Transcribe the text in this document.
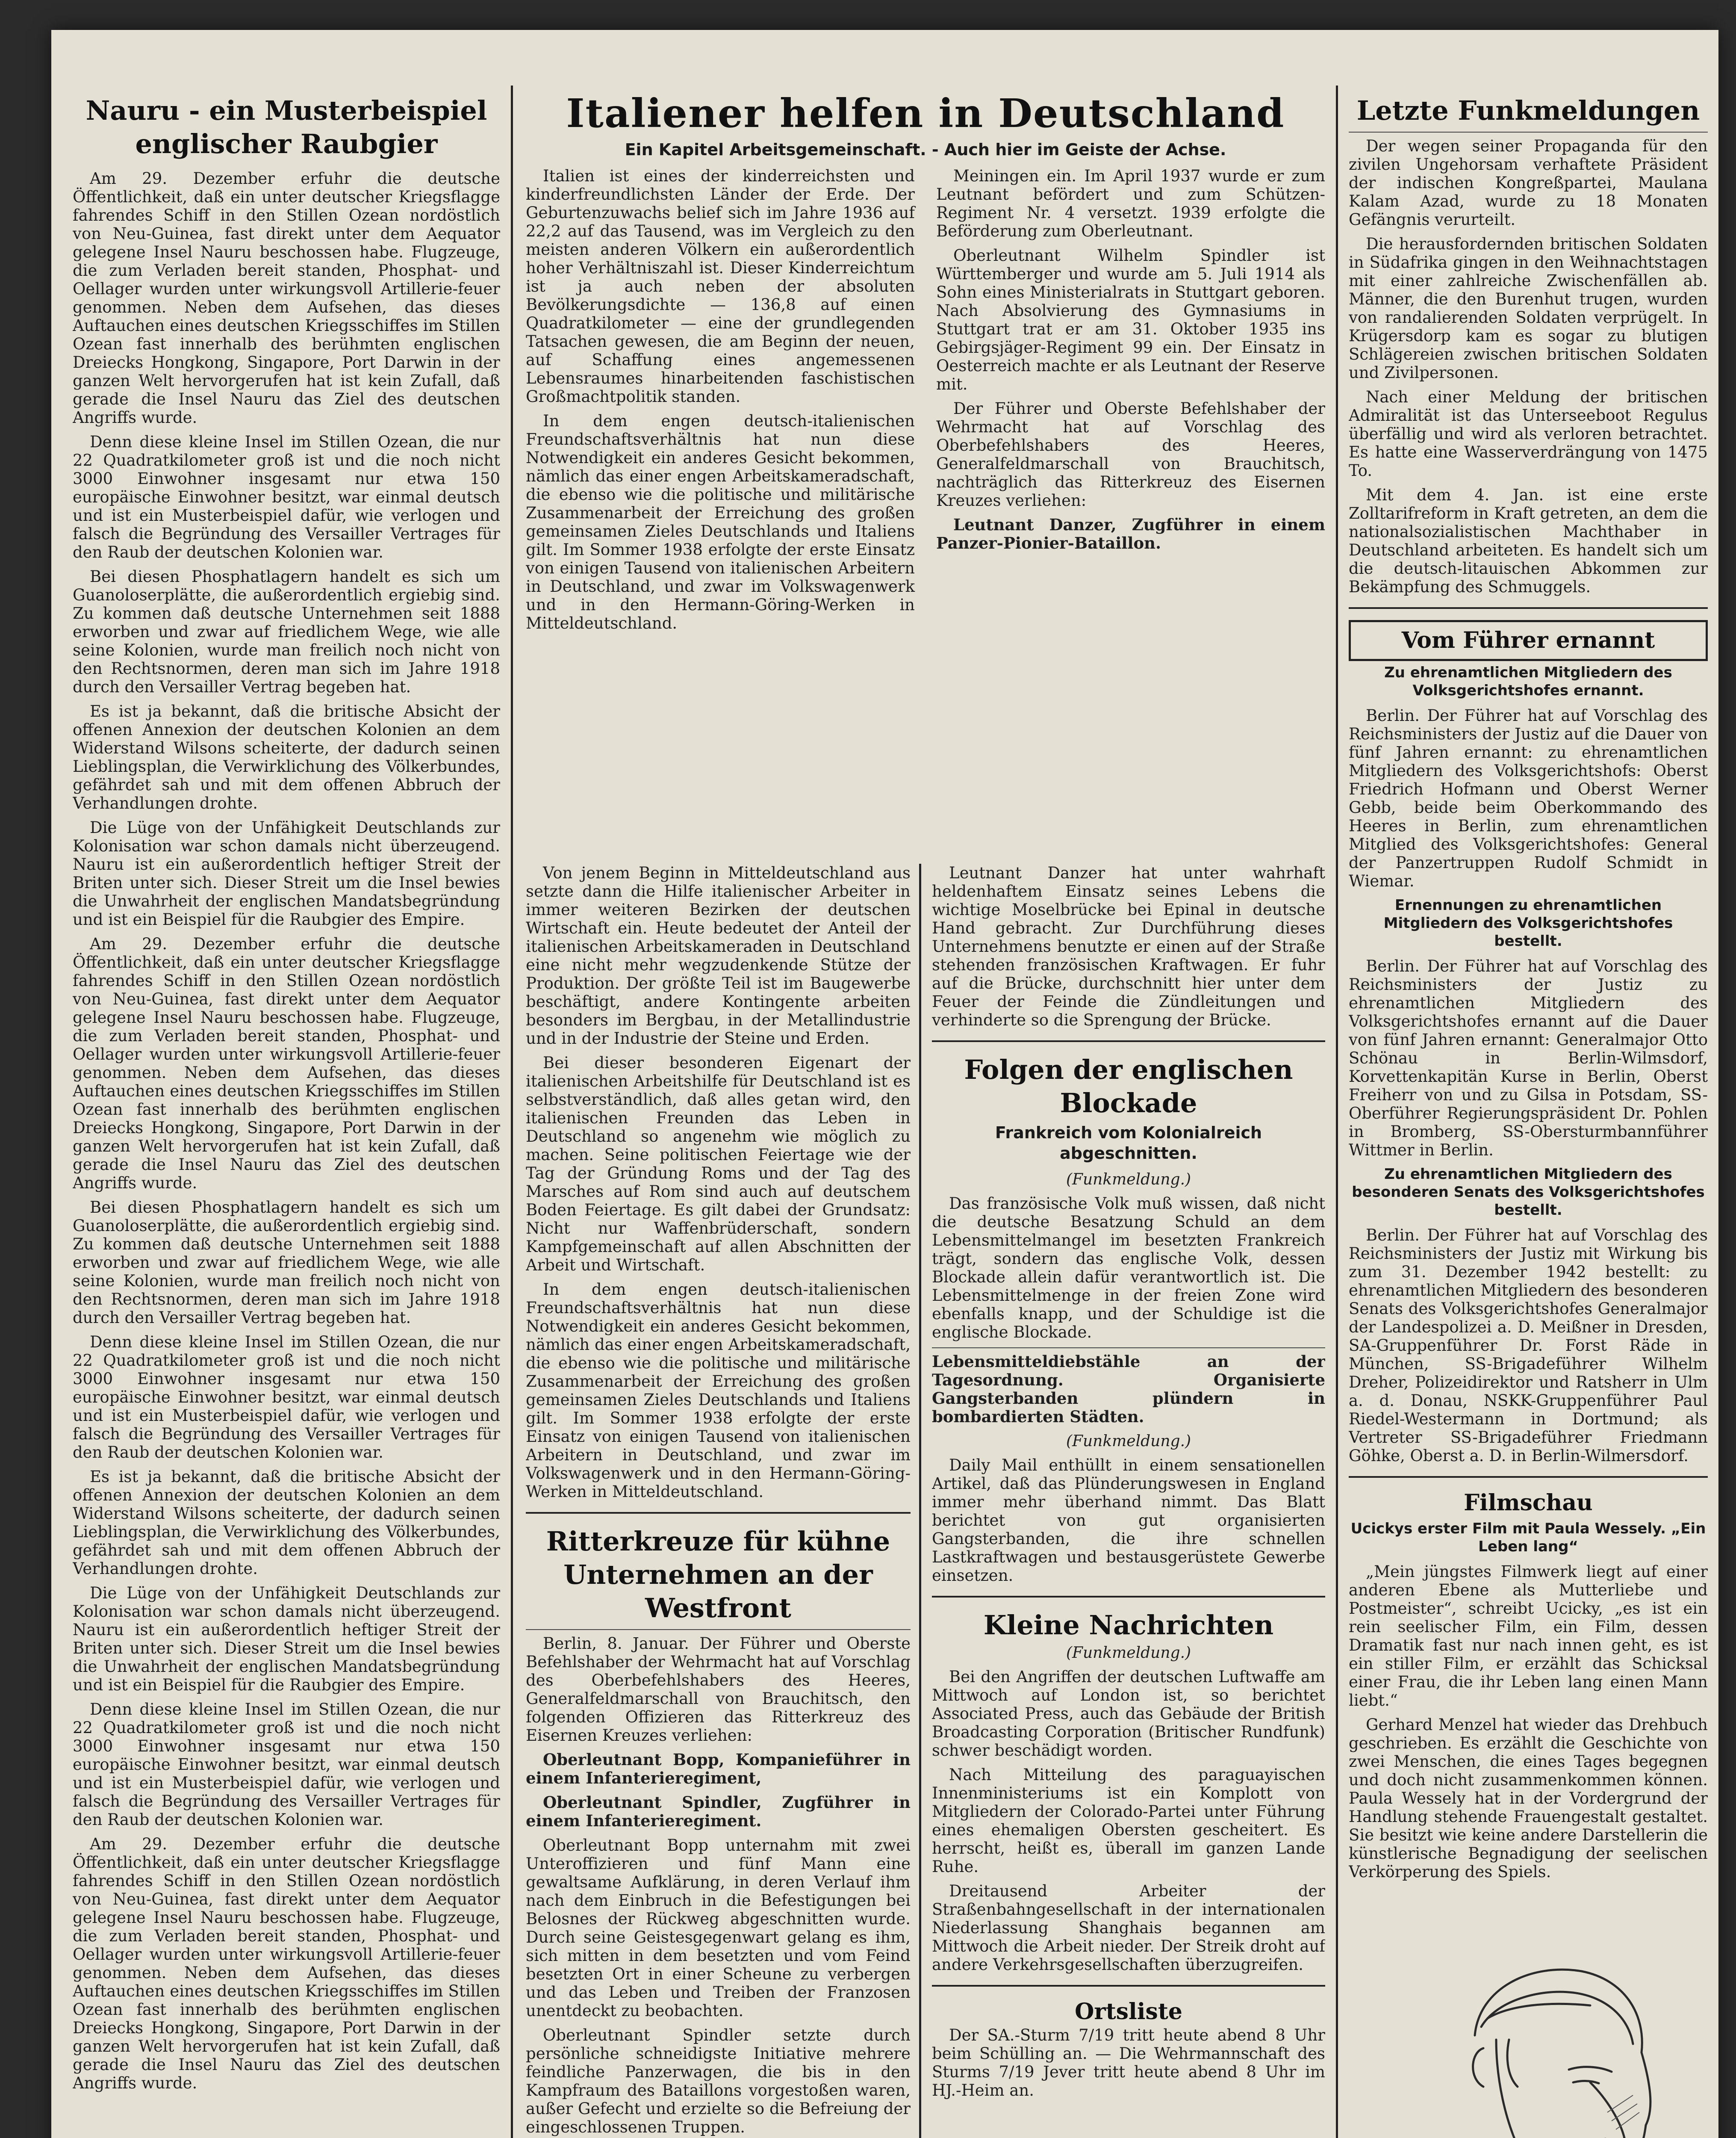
Nauru - ein Musterbeispiel englischer Raubgier

Am 29. Dezember erfuhr die deutsche Öffentlichkeit, daß ein unter deutscher Kriegsflagge fahrendes Schiff in den Stillen Ozean nordöstlich von Neu-Guinea, fast direkt unter dem Aequator gelegene Insel Nauru beschossen habe. Flugzeuge, die zum Verladen bereit standen, Phosphat- und Oellager wurden unter wirkungsvoll Artillerie-feuer genommen. Neben dem Aufsehen, das dieses Auftauchen eines deutschen Kriegsschiffes im Stillen Ozean fast innerhalb des berühmten englischen Dreiecks Hongkong, Singapore, Port Darwin in der ganzen Welt hervorgerufen hat ist kein Zufall, daß gerade die Insel Nauru das Ziel des deutschen Angriffs wurde.

Denn diese kleine Insel im Stillen Ozean, die nur 22 Quadratkilometer groß ist und die noch nicht 3000 Einwohner insgesamt nur etwa 150 europäische Einwohner besitzt, war einmal deutsch und ist ein Musterbeispiel dafür, wie verlogen und falsch die Begründung des Versailler Vertrages für den Raub der deutschen Kolonien war.

Bei diesen Phosphatlagern handelt es sich um Guanoloserplätte, die außerordentlich ergiebig sind. Zu kommen daß deutsche Unternehmen seit 1888 erworben und zwar auf friedlichem Wege, wie alle seine Kolonien, wurde man freilich noch nicht von den Rechtsnormen, deren man sich im Jahre 1918 durch den Versailler Vertrag begeben hat.

Es ist ja bekannt, daß die britische Absicht der offenen Annexion der deutschen Kolonien an dem Widerstand Wilsons scheiterte, der dadurch seinen Lieblingsplan, die Verwirklichung des Völkerbundes, gefährdet sah und mit dem offenen Abbruch der Verhandlungen drohte.

Die Lüge von der Unfähigkeit Deutschlands zur Kolonisation war schon damals nicht überzeugend. Nauru ist ein außerordentlich heftiger Streit der Briten unter sich. Dieser Streit um die Insel bewies die Unwahrheit der englischen Mandatsbegründung und ist ein Beispiel für die Raubgier des Empire.

Am 29. Dezember erfuhr die deutsche Öffentlichkeit, daß ein unter deutscher Kriegsflagge fahrendes Schiff in den Stillen Ozean nordöstlich von Neu-Guinea, fast direkt unter dem Aequator gelegene Insel Nauru beschossen habe. Flugzeuge, die zum Verladen bereit standen, Phosphat- und Oellager wurden unter wirkungsvoll Artillerie-feuer genommen. Neben dem Aufsehen, das dieses Auftauchen eines deutschen Kriegsschiffes im Stillen Ozean fast innerhalb des berühmten englischen Dreiecks Hongkong, Singapore, Port Darwin in der ganzen Welt hervorgerufen hat ist kein Zufall, daß gerade die Insel Nauru das Ziel des deutschen Angriffs wurde.

Bei diesen Phosphatlagern handelt es sich um Guanoloserplätte, die außerordentlich ergiebig sind. Zu kommen daß deutsche Unternehmen seit 1888 erworben und zwar auf friedlichem Wege, wie alle seine Kolonien, wurde man freilich noch nicht von den Rechtsnormen, deren man sich im Jahre 1918 durch den Versailler Vertrag begeben hat.

Denn diese kleine Insel im Stillen Ozean, die nur 22 Quadratkilometer groß ist und die noch nicht 3000 Einwohner insgesamt nur etwa 150 europäische Einwohner besitzt, war einmal deutsch und ist ein Musterbeispiel dafür, wie verlogen und falsch die Begründung des Versailler Vertrages für den Raub der deutschen Kolonien war.

Es ist ja bekannt, daß die britische Absicht der offenen Annexion der deutschen Kolonien an dem Widerstand Wilsons scheiterte, der dadurch seinen Lieblingsplan, die Verwirklichung des Völkerbundes, gefährdet sah und mit dem offenen Abbruch der Verhandlungen drohte.

Die Lüge von der Unfähigkeit Deutschlands zur Kolonisation war schon damals nicht überzeugend. Nauru ist ein außerordentlich heftiger Streit der Briten unter sich. Dieser Streit um die Insel bewies die Unwahrheit der englischen Mandatsbegründung und ist ein Beispiel für die Raubgier des Empire.

Denn diese kleine Insel im Stillen Ozean, die nur 22 Quadratkilometer groß ist und die noch nicht 3000 Einwohner insgesamt nur etwa 150 europäische Einwohner besitzt, war einmal deutsch und ist ein Musterbeispiel dafür, wie verlogen und falsch die Begründung des Versailler Vertrages für den Raub der deutschen Kolonien war.

Am 29. Dezember erfuhr die deutsche Öffentlichkeit, daß ein unter deutscher Kriegsflagge fahrendes Schiff in den Stillen Ozean nordöstlich von Neu-Guinea, fast direkt unter dem Aequator gelegene Insel Nauru beschossen habe. Flugzeuge, die zum Verladen bereit standen, Phosphat- und Oellager wurden unter wirkungsvoll Artillerie-feuer genommen. Neben dem Aufsehen, das dieses Auftauchen eines deutschen Kriegsschiffes im Stillen Ozean fast innerhalb des berühmten englischen Dreiecks Hongkong, Singapore, Port Darwin in der ganzen Welt hervorgerufen hat ist kein Zufall, daß gerade die Insel Nauru das Ziel des deutschen Angriffs wurde.

Italiener helfen in Deutschland
Ein Kapitel Arbeitsgemeinschaft. - Auch hier im Geiste der Achse.

Italien ist eines der kinderreichsten und kinderfreundlichsten Länder der Erde. Der Geburtenzuwachs belief sich im Jahre 1936 auf 22,2 auf das Tausend, was im Vergleich zu den meisten anderen Völkern ein außerordentlich hoher Verhältniszahl ist. Dieser Kinderreichtum ist ja auch neben der absoluten Bevölkerungsdichte — 136,8 auf einen Quadratkilometer — eine der grundlegenden Tatsachen gewesen, die am Beginn der neuen, auf Schaffung eines angemessenen Lebensraumes hinarbeitenden faschistischen Großmachtpolitik standen.

In dem engen deutsch-italienischen Freundschaftsverhältnis hat nun diese Notwendigkeit ein anderes Gesicht bekommen, nämlich das einer engen Arbeitskameradschaft, die ebenso wie die politische und militärische Zusammenarbeit der Erreichung des großen gemeinsamen Zieles Deutschlands und Italiens gilt. Im Sommer 1938 erfolgte der erste Einsatz von einigen Tausend von italienischen Arbeitern in Deutschland, und zwar im Volkswagenwerk und in den Hermann-Göring-Werken in Mitteldeutschland.

Meiningen ein. Im April 1937 wurde er zum Leutnant befördert und zum Schützen-Regiment Nr. 4 versetzt. 1939 erfolgte die Beförderung zum Oberleutnant.

Oberleutnant Wilhelm Spindler ist Württemberger und wurde am 5. Juli 1914 als Sohn eines Ministerialrats in Stuttgart geboren. Nach Absolvierung des Gymnasiums in Stuttgart trat er am 31. Oktober 1935 ins Gebirgsjäger-Regiment 99 ein. Der Einsatz in Oesterreich machte er als Leutnant der Reserve mit.

Der Führer und Oberste Befehlshaber der Wehrmacht hat auf Vorschlag des Oberbefehlshabers des Heeres, Generalfeldmarschall von Brauchitsch, nachträglich das Ritterkreuz des Eisernen Kreuzes verliehen:

Leutnant Danzer, Zugführer in einem Panzer-Pionier-Bataillon.

Von jenem Beginn in Mitteldeutschland aus setzte dann die Hilfe italienischer Arbeiter in immer weiteren Bezirken der deutschen Wirtschaft ein. Heute bedeutet der Anteil der italienischen Arbeitskameraden in Deutschland eine nicht mehr wegzudenkende Stütze der Produktion. Der größte Teil ist im Baugewerbe beschäftigt, andere Kontingente arbeiten besonders im Bergbau, in der Metallindustrie und in der Industrie der Steine und Erden.

Bei dieser besonderen Eigenart der italienischen Arbeitshilfe für Deutschland ist es selbstverständlich, daß alles getan wird, den italienischen Freunden das Leben in Deutschland so angenehm wie möglich zu machen. Seine politischen Feiertage wie der Tag der Gründung Roms und der Tag des Marsches auf Rom sind auch auf deutschem Boden Feiertage. Es gilt dabei der Grundsatz: Nicht nur Waffenbrüderschaft, sondern Kampfgemeinschaft auf allen Abschnitten der Arbeit und Wirtschaft.

In dem engen deutsch-italienischen Freundschaftsverhältnis hat nun diese Notwendigkeit ein anderes Gesicht bekommen, nämlich das einer engen Arbeitskameradschaft, die ebenso wie die politische und militärische Zusammenarbeit der Erreichung des großen gemeinsamen Zieles Deutschlands und Italiens gilt. Im Sommer 1938 erfolgte der erste Einsatz von einigen Tausend von italienischen Arbeitern in Deutschland, und zwar im Volkswagenwerk und in den Hermann-Göring-Werken in Mitteldeutschland.

Ritterkreuze für kühne Unternehmen an der Westfront

Berlin, 8. Januar. Der Führer und Oberste Befehlshaber der Wehrmacht hat auf Vorschlag des Oberbefehlshabers des Heeres, Generalfeldmarschall von Brauchitsch, den folgenden Offizieren das Ritterkreuz des Eisernen Kreuzes verliehen:

Oberleutnant Bopp, Kompanieführer in einem Infanterieregiment,

Oberleutnant Spindler, Zugführer in einem Infanterieregiment.

Oberleutnant Bopp unternahm mit zwei Unteroffizieren und fünf Mann eine gewaltsame Aufklärung, in deren Verlauf ihm nach dem Einbruch in die Befestigungen bei Belosnes der Rückweg abgeschnitten wurde. Durch seine Geistesgegenwart gelang es ihm, sich mitten in dem besetzten und vom Feind besetzten Ort in einer Scheune zu verbergen und das Leben und Treiben der Franzosen unentdeckt zu beobachten.

Oberleutnant Spindler setzte durch persönliche schneidigste Initiative mehrere feindliche Panzerwagen, die bis in den Kampfraum des Bataillons vorgestoßen waren, außer Gefecht und erzielte so die Befreiung der eingeschlossenen Truppen.

Leutnant Danzer hat unter wahrhaft heldenhaftem Einsatz seines Lebens die wichtige Moselbrücke bei Epinal in deutsche Hand gebracht. Zur Durchführung dieses Unternehmens benutzte er einen auf der Straße stehenden französischen Kraftwagen. Er fuhr auf die Brücke, durchschnitt hier unter dem Feuer der Feinde die Zündleitungen und verhinderte so die Sprengung der Brücke.

Folgen der englischen Blockade
Frankreich vom Kolonialreich abgeschnitten.
(Funkmeldung.)

Das französische Volk muß wissen, daß nicht die deutsche Besatzung Schuld an dem Lebensmittelmangel im besetzten Frankreich trägt, sondern das englische Volk, dessen Blockade allein dafür verantwortlich ist. Die Lebensmittelmenge in der freien Zone wird ebenfalls knapp, und der Schuldige ist die englische Blockade.

Lebensmitteldiebstähle an der Tagesordnung. Organisierte Gangsterbanden plündern in bombardierten Städten.

(Funkmeldung.)

Daily Mail enthüllt in einem sensationellen Artikel, daß das Plünderungswesen in England immer mehr überhand nimmt. Das Blatt berichtet von gut organisierten Gangsterbanden, die ihre schnellen Lastkraftwagen und bestausgerüstete Gewerbe einsetzen.

Kleine Nachrichten
(Funkmeldung.)

Bei den Angriffen der deutschen Luftwaffe am Mittwoch auf London ist, so berichtet Associated Press, auch das Gebäude der British Broadcasting Corporation (Britischer Rundfunk) schwer beschädigt worden.

Nach Mitteilung des paraguayischen Innenministeriums ist ein Komplott von Mitgliedern der Colorado-Partei unter Führung eines ehemaligen Obersten gescheitert. Es herrscht, heißt es, überall im ganzen Lande Ruhe.

Dreitausend Arbeiter der Straßenbahngesellschaft in der internationalen Niederlassung Shanghais begannen am Mittwoch die Arbeit nieder. Der Streik droht auf andere Verkehrsgesellschaften überzugreifen.

Ortsliste

Der SA.-Sturm 7/19 tritt heute abend 8 Uhr beim Schülling an. — Die Wehrmannschaft des Sturms 7/19 Jever tritt heute abend 8 Uhr im HJ.-Heim an.

Letzte Funkmeldungen

Der wegen seiner Propaganda für den zivilen Ungehorsam verhaftete Präsident der indischen Kongreßpartei, Maulana Kalam Azad, wurde zu 18 Monaten Gefängnis verurteilt.

Die herausfordernden britischen Soldaten in Südafrika gingen in den Weihnachtstagen mit einer zahlreiche Zwischenfällen ab. Männer, die den Burenhut trugen, wurden von randalierenden Soldaten verprügelt. In Krügersdorp kam es sogar zu blutigen Schlägereien zwischen britischen Soldaten und Zivilpersonen.

Nach einer Meldung der britischen Admiralität ist das Unterseeboot Regulus überfällig und wird als verloren betrachtet. Es hatte eine Wasserverdrängung von 1475 To.

Mit dem 4. Jan. ist eine erste Zolltarifreform in Kraft getreten, an dem die nationalsozialistischen Machthaber in Deutschland arbeiteten. Es handelt sich um die deutsch-litauischen Abkommen zur Bekämpfung des Schmuggels.

Vom Führer ernannt
Zu ehrenamtlichen Mitgliedern des Volksgerichtshofes ernannt.

Berlin. Der Führer hat auf Vorschlag des Reichsministers der Justiz auf die Dauer von fünf Jahren ernannt: zu ehrenamtlichen Mitgliedern des Volksgerichtshofs: Oberst Friedrich Hofmann und Oberst Werner Gebb, beide beim Oberkommando des Heeres in Berlin, zum ehrenamtlichen Mitglied des Volksgerichtshofes: General der Panzertruppen Rudolf Schmidt in Wiemar.

Ernennungen zu ehrenamtlichen Mitgliedern des Volksgerichtshofes bestellt.

Berlin. Der Führer hat auf Vorschlag des Reichsministers der Justiz zu ehrenamtlichen Mitgliedern des Volksgerichtshofes ernannt auf die Dauer von fünf Jahren ernannt: Generalmajor Otto Schönau in Berlin-Wilmsdorf, Korvettenkapitän Kurse in Berlin, Oberst Freiherr von und zu Gilsa in Potsdam, SS-Oberführer Regierungspräsident Dr. Pohlen in Bromberg, SS-Obersturmbannführer Wittmer in Berlin.

Zu ehrenamtlichen Mitgliedern des besonderen Senats des Volksgerichtshofes bestellt.

Berlin. Der Führer hat auf Vorschlag des Reichsministers der Justiz mit Wirkung bis zum 31. Dezember 1942 bestellt: zu ehrenamtlichen Mitgliedern des besonderen Senats des Volksgerichtshofes Generalmajor der Landespolizei a. D. Meißner in Dresden, SA-Gruppenführer Dr. Forst Räde in München, SS-Brigadeführer Wilhelm Dreher, Polizeidirektor und Ratsherr in Ulm a. d. Donau, NSKK-Gruppenführer Paul Riedel-Westermann in Dortmund; als Vertreter SS-Brigadeführer Friedmann Göhke, Oberst a. D. in Berlin-Wilmersdorf.

Filmschau
Ucickys erster Film mit Paula Wessely. „Ein Leben lang“

„Mein jüngstes Filmwerk liegt auf einer anderen Ebene als Mutterliebe und Postmeister“, schreibt Ucicky, „es ist ein rein seelischer Film, ein Film, dessen Dramatik fast nur nach innen geht, es ist ein stiller Film, er erzählt das Schicksal einer Frau, die ihr Leben lang einen Mann liebt.“

Gerhard Menzel hat wieder das Drehbuch geschrieben. Es erzählt die Geschichte von zwei Menschen, die eines Tages begegnen und doch nicht zusammenkommen können. Paula Wessely hat in der Vordergrund der Handlung stehende Frauengestalt gestaltet. Sie besitzt wie keine andere Darstellerin die künstlerische Begnadigung der seelischen Verkörperung des Spiels.
